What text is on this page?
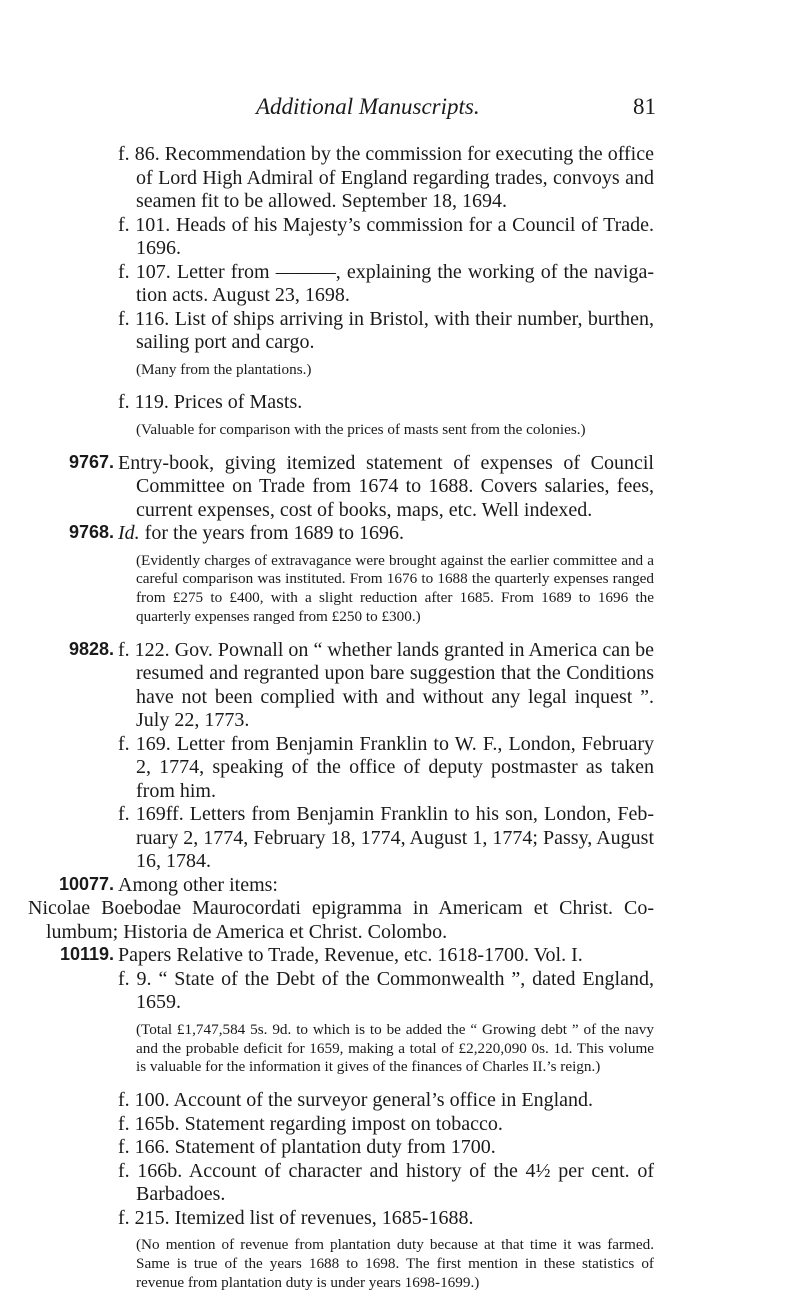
Additional Manuscripts.	81

f. 86. Recommendation by the commission for executing the office of Lord High Admiral of England regarding trades, convoys and seamen fit to be allowed. September 18, 1694.

f. 101. Heads of his Majesty’s commission for a Council of Trade. 1696.

f. 107. Letter from ———, explaining the working of the navigation acts. August 23, 1698.

f. 116. List of ships arriving in Bristol, with their number, burthen, sailing port and cargo.

(Many from the plantations.)

f. 119. Prices of Masts.

(Valuable for comparison with the prices of masts sent from the colonies.)

9767. Entry-book, giving itemized statement of expenses of Council Committee on Trade from 1674 to 1688. Covers salaries, fees, current expenses, cost of books, maps, etc. Well indexed.

9768. Id. for the years from 1689 to 1696.

(Evidently charges of extravagance were brought against the earlier committee and a careful comparison was instituted. From 1676 to 1688 the quarterly expenses ranged from £275 to £400, with a slight reduction after 1685. From 1689 to 1696 the quarterly expenses ranged from £250 to £300.)

9828. f. 122. Gov. Pownall on “ whether lands granted in America can be resumed and regranted upon bare suggestion that the Conditions have not been complied with and without any legal inquest ”. July 22, 1773.

f. 169. Letter from Benjamin Franklin to W. F., London, February 2, 1774, speaking of the office of deputy postmaster as taken from him.

f. 169ff. Letters from Benjamin Franklin to his son, London, February 2, 1774, February 18, 1774, August 1, 1774; Passy, August 16, 1784.

10077. Among other items:

Nicolae Boebodae Maurocordati epigramma in Americam et Christ. Columbum; Historia de America et Christ. Colombo.

10119. Papers Relative to Trade, Revenue, etc. 1618-1700. Vol. I.

f. 9. “ State of the Debt of the Commonwealth ”, dated England, 1659.

(Total £1,747,584 5s. 9d. to which is to be added the “ Growing debt ” of the navy and the probable deficit for 1659, making a total of £2,220,090 0s. 1d. This volume is valuable for the information it gives of the finances of Charles II.’s reign.)

f. 100. Account of the surveyor general’s office in England.

f. 165b. Statement regarding impost on tobacco.

f. 166. Statement of plantation duty from 1700.

f. 166b. Account of character and history of the 4½ per cent. of Barbadoes.

f. 215. Itemized list of revenues, 1685-1688.

(No mention of revenue from plantation duty because at that time it was farmed. Same is true of the years 1688 to 1698. The first mention in these statistics of revenue from plantation duty is under years 1698-1699.)
